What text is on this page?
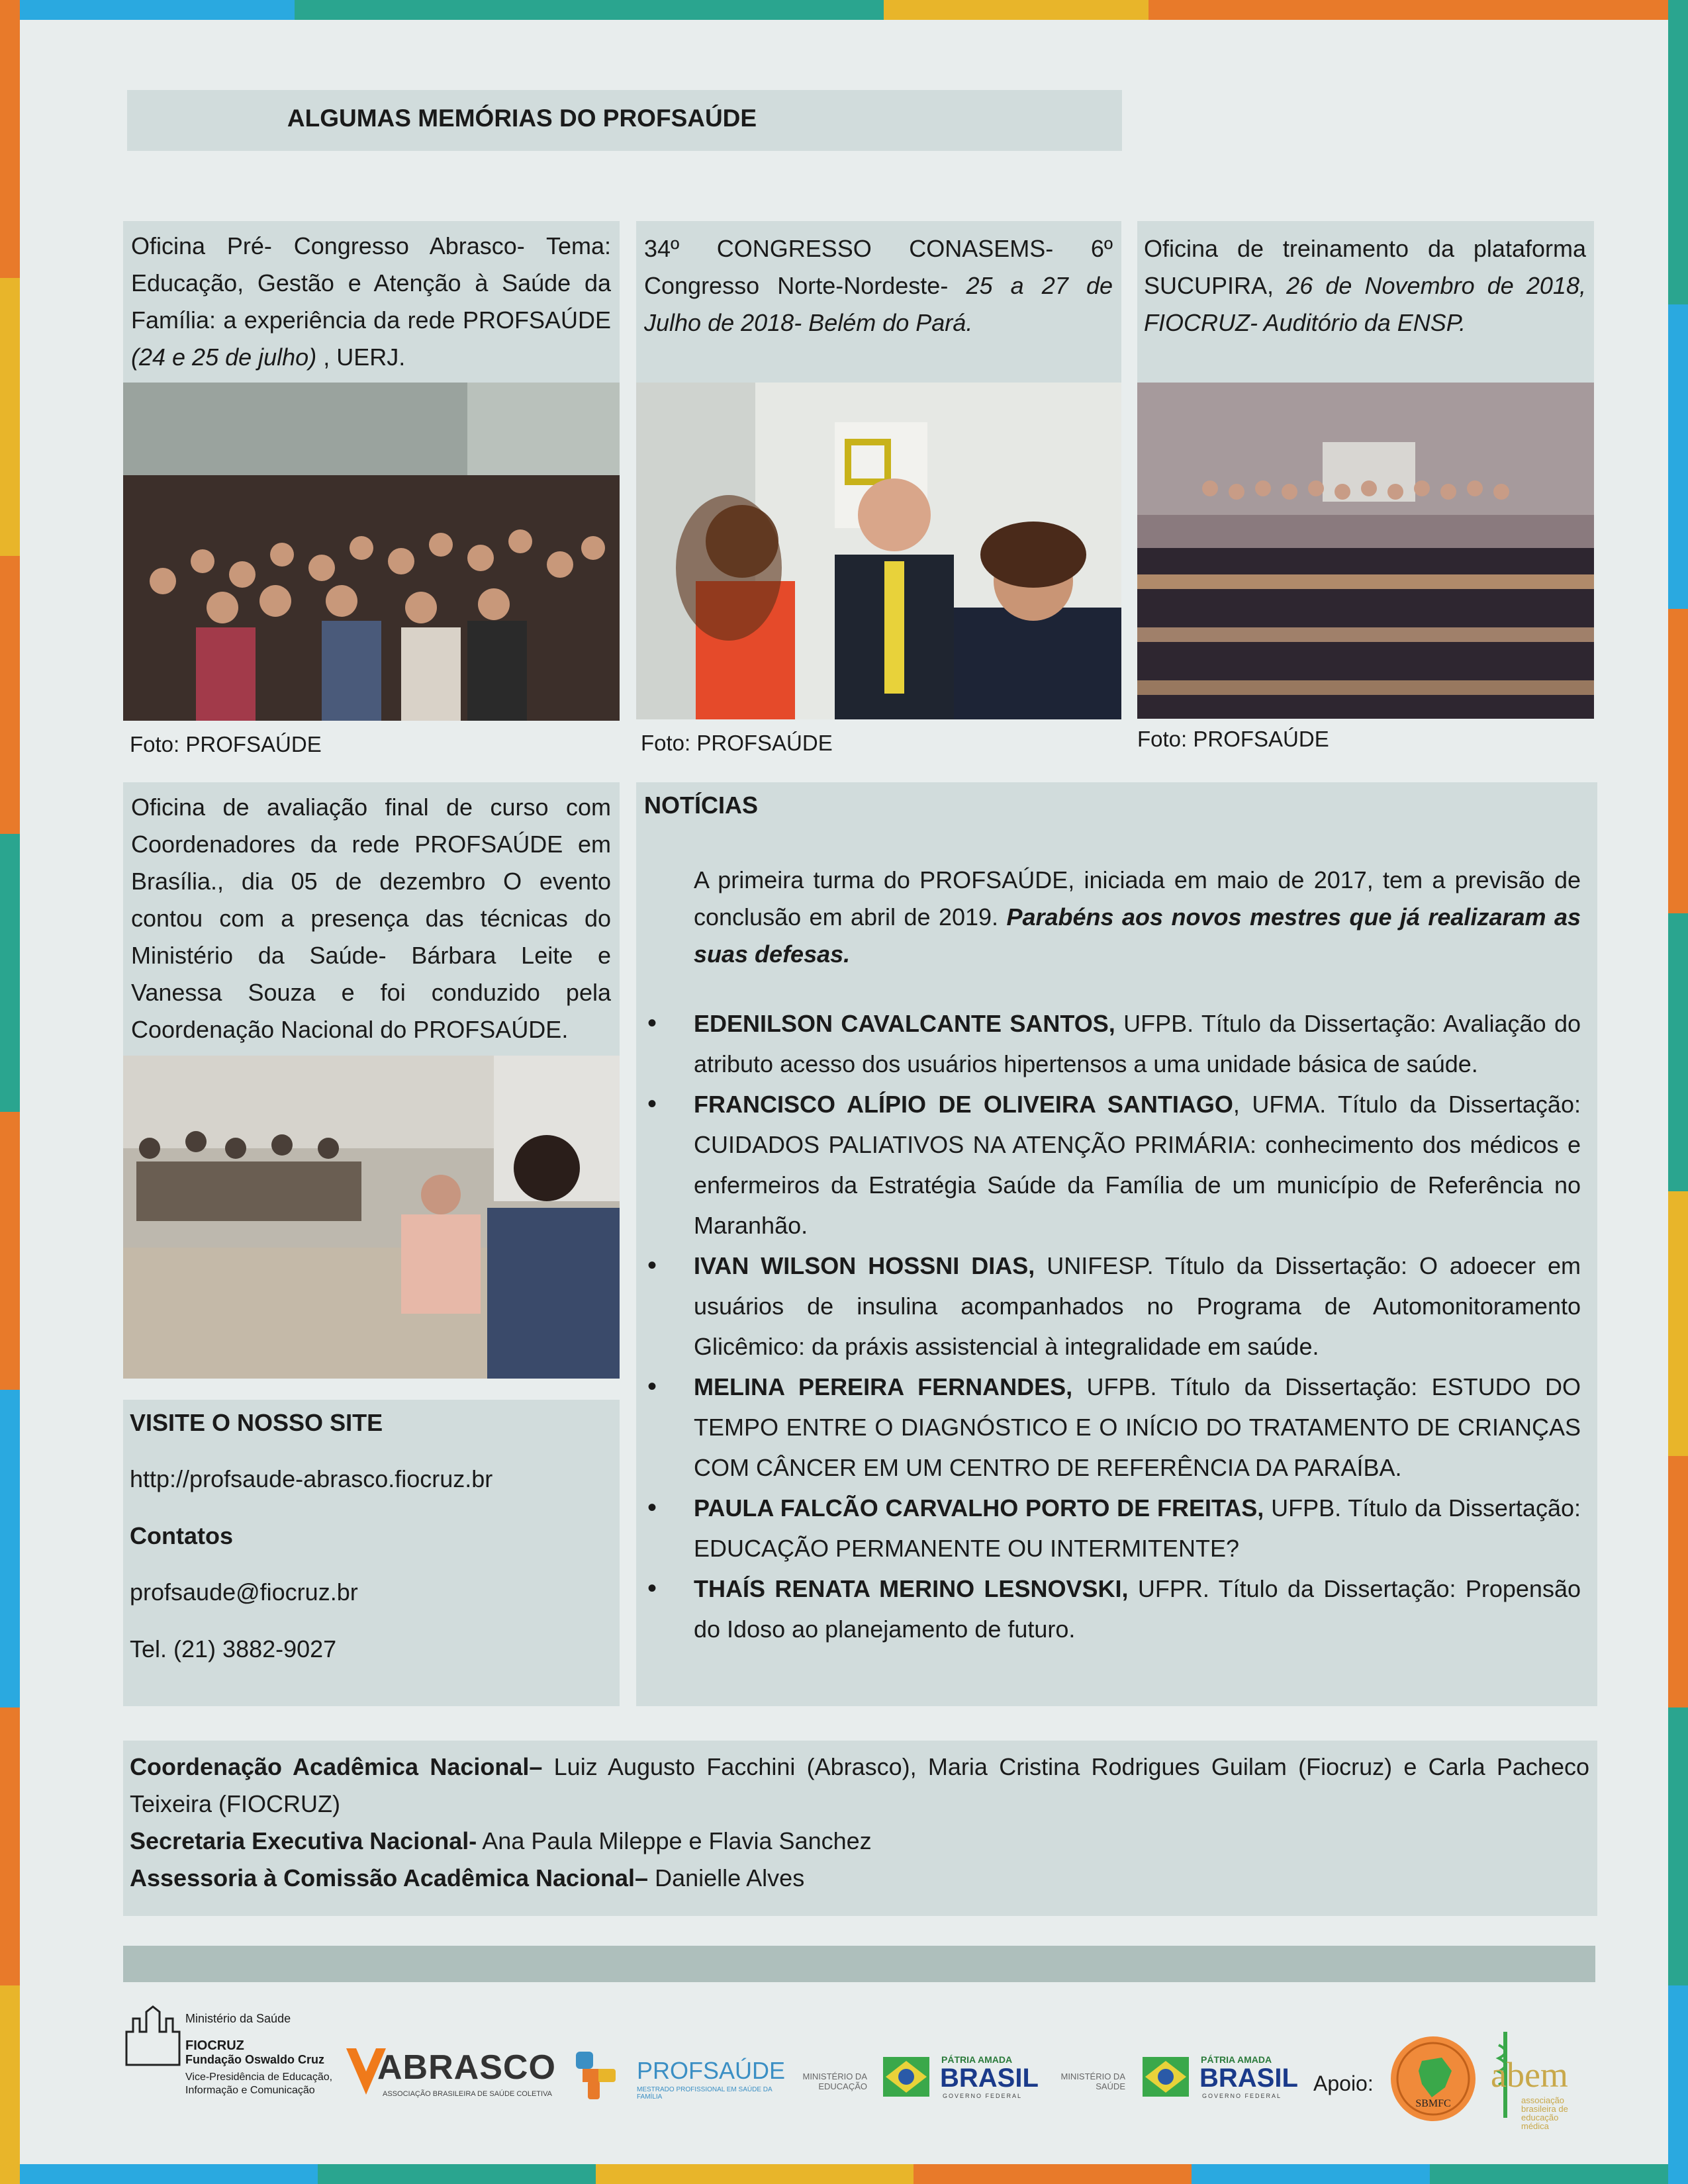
ALGUMAS MEMÓRIAS DO PROFSAÚDE
Oficina Pré- Congresso Abrasco- Tema: Educação, Gestão e Atenção à Saúde da Família: a experiência da rede PROFSAÚDE (24 e 25 de julho) , UERJ.
Foto: PROFSAÚDE
34º CONGRESSO CONASEMS- 6º Congresso Norte-Nordeste- 25 a 27 de Julho de 2018- Belém do Pará.
Foto: PROFSAÚDE
Oficina de treinamento da plataforma SUCUPIRA, 26 de Novembro de 2018, FIOCRUZ- Auditório da ENSP.
Foto: PROFSAÚDE
Oficina de avaliação final de curso com Coordenadores da rede PROFSAÚDE em Brasília., dia 05 de dezembro O evento contou com a presença das técnicas do Ministério da Saúde- Bárbara Leite e Vanessa Souza e foi conduzido pela Coordenação Nacional do PROFSAÚDE.
VISITE O NOSSO SITE
http://profsaude-abrasco.fiocruz.br
Contatos
profsaude@fiocruz.br
Tel. (21) 3882-9027
NOTÍCIAS
A primeira turma do PROFSAÚDE, iniciada em maio de 2017, tem a previsão de conclusão em abril de 2019. Parabéns aos novos mestres que já realizaram as suas defesas.
• EDENILSON CAVALCANTE SANTOS, UFPB. Título da Dissertação: Avaliação do atributo acesso dos usuários hipertensos a uma unidade básica de saúde.
• FRANCISCO ALÍPIO DE OLIVEIRA SANTIAGO, UFMA. Título da Dissertação: CUIDADOS PALIATIVOS NA ATENÇÃO PRIMÁRIA: conhecimento dos médicos e enfermeiros da Estratégia Saúde da Família de um município de Referência no Maranhão.
• IVAN WILSON HOSSNI DIAS, UNIFESP. Título da Dissertação: O adoecer em usuários de insulina acompanhados no Programa de Automonitoramento Glicêmico: da práxis assistencial à integralidade em saúde.
• MELINA PEREIRA FERNANDES, UFPB. Título da Dissertação: ESTUDO DO TEMPO ENTRE O DIAGNÓSTICO E O INÍCIO DO TRATAMENTO DE CRIANÇAS COM CÂNCER EM UM CENTRO DE REFERÊNCIA DA PARAÍBA.
• PAULA FALCÃO CARVALHO PORTO DE FREITAS, UFPB. Título da Dissertação: EDUCAÇÃO PERMANENTE OU INTERMITENTE?
• THAÍS RENATA MERINO LESNOVSKI, UFPR. Título da Dissertação: Propensão do Idoso ao planejamento de futuro.
Coordenação Acadêmica Nacional– Luiz Augusto Facchini (Abrasco), Maria Cristina Rodrigues Guilam (Fiocruz) e Carla Pacheco Teixeira (FIOCRUZ)
Secretaria Executiva Nacional- Ana Paula Mileppe e Flavia Sanchez
Assessoria à Comissão Acadêmica Nacional– Danielle Alves
Ministério da Saúde
FIOCRUZ
Fundação Oswaldo Cruz
Vice-Presidência de Educação,
Informação e Comunicação
ABRASCO
ASSOCIAÇÃO BRASILEIRA DE SAÚDE COLETIVA
PROFSAÚDE
MESTRADO PROFISSIONAL EM SAÚDE DA FAMÍLIA
MINISTÉRIO DA
EDUCAÇÃO
PÁTRIA AMADA
BRASIL
GOVERNO FEDERAL
MINISTÉRIO DA
SAÚDE
PÁTRIA AMADA
BRASIL
GOVERNO FEDERAL
Apoio:
SBMFC
abem
associação
brasileira de
educação
médica
